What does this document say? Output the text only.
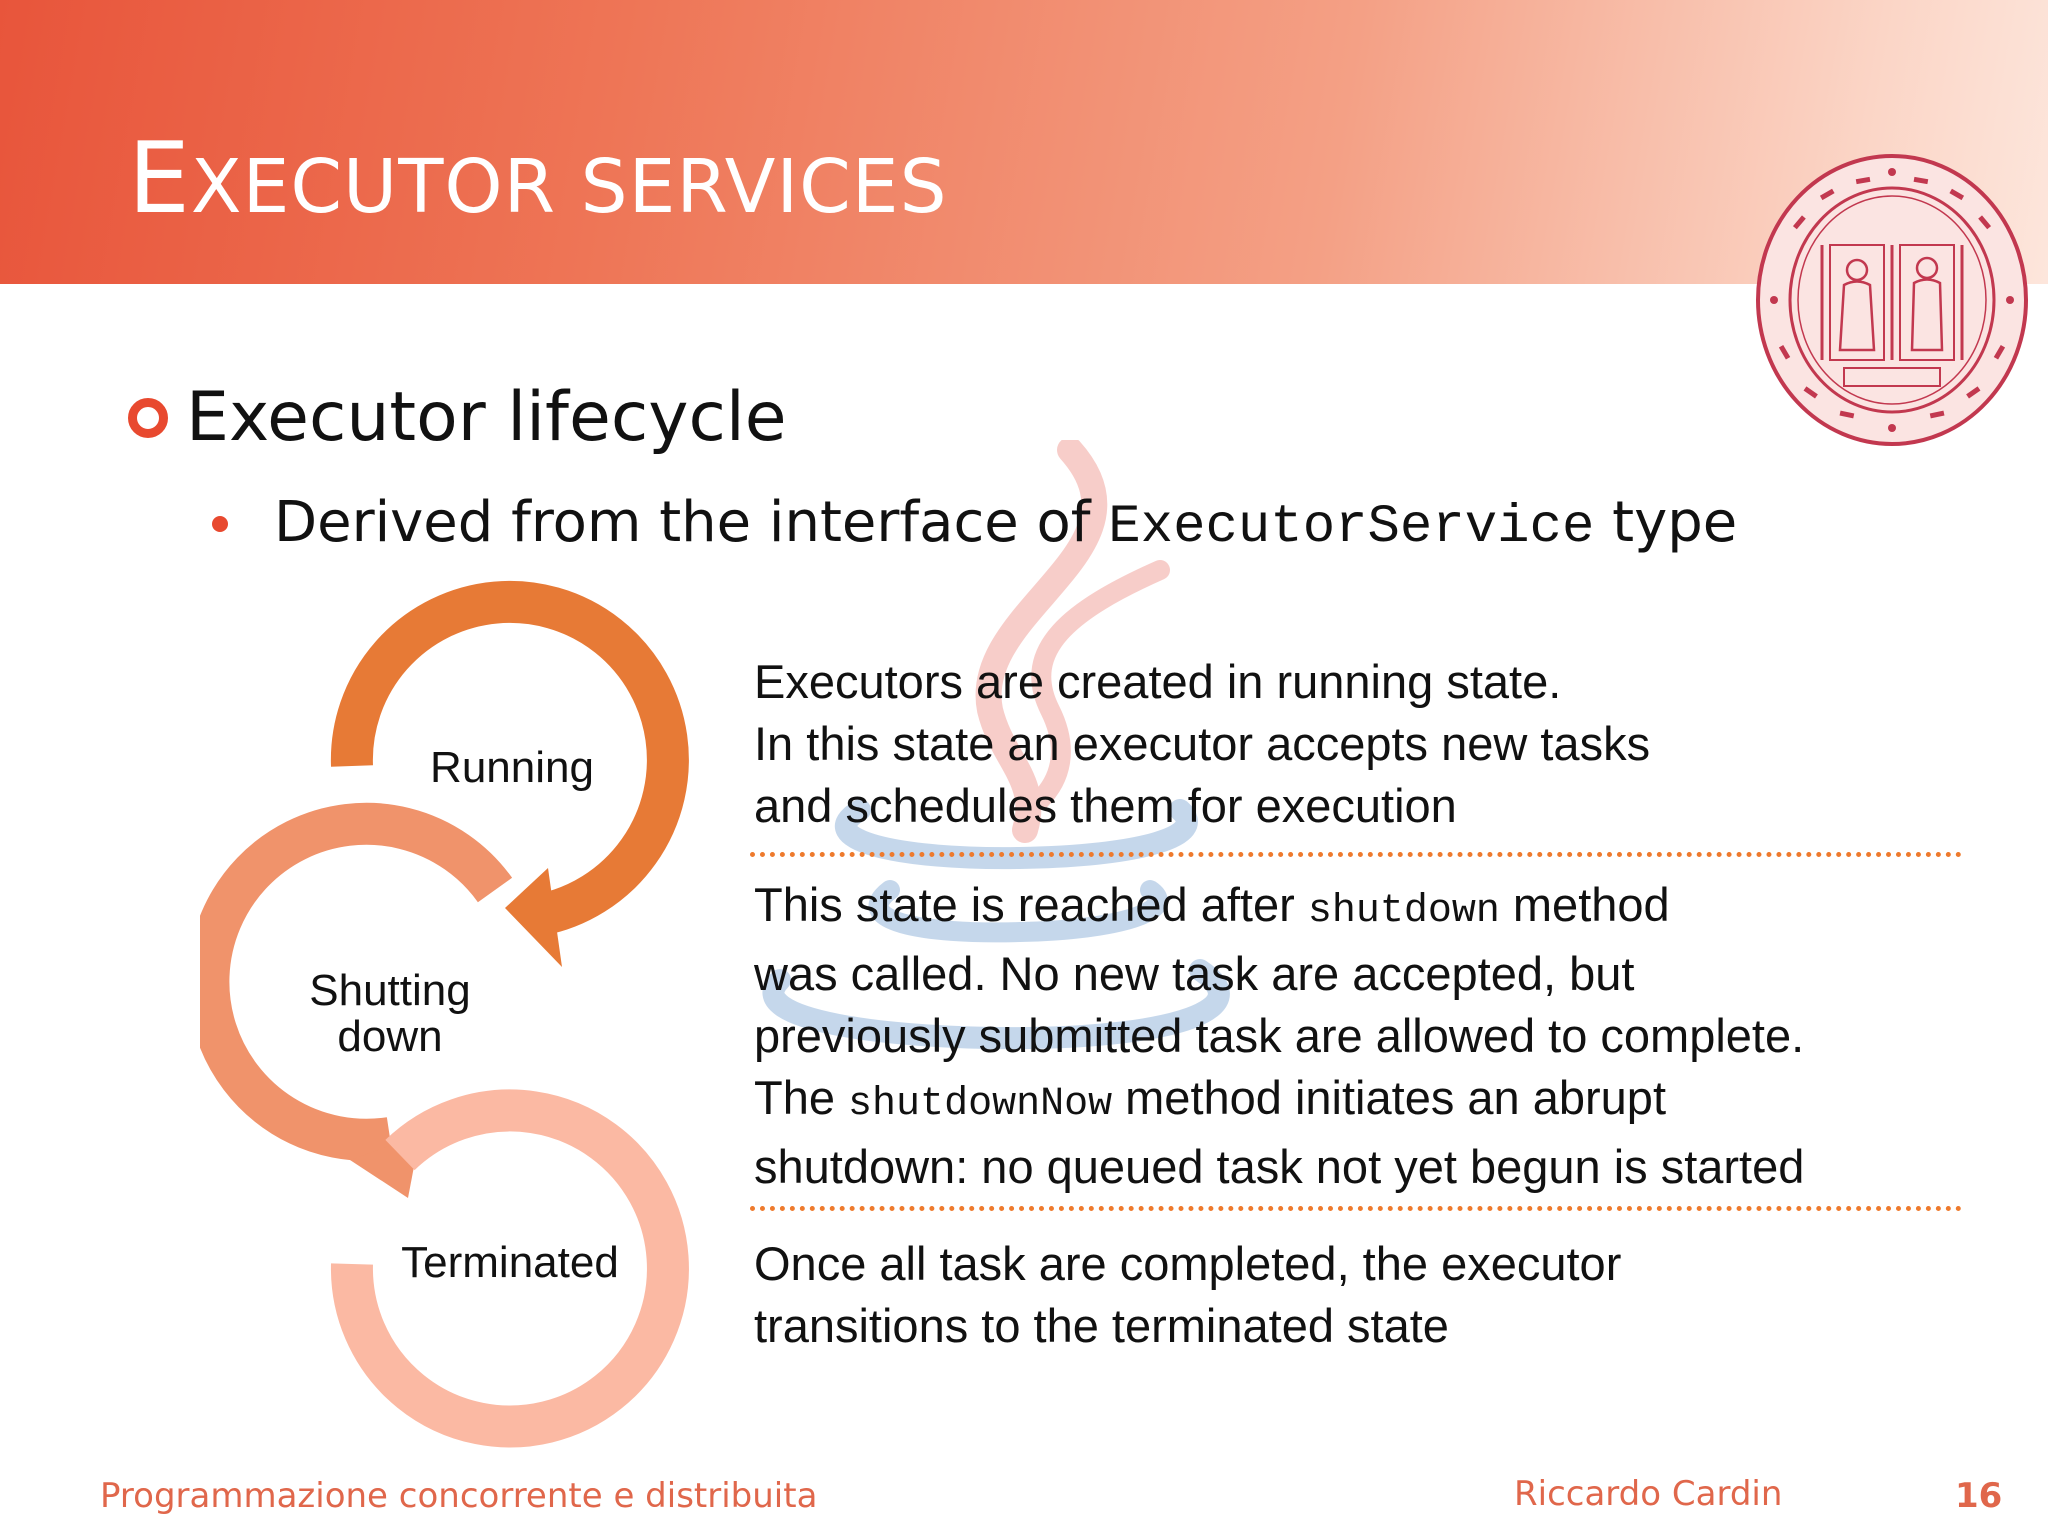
EXECUTOR SERVICES
Executor lifecycle
Derived from the interface of ExecutorService type
Running
Shutting
down
Terminated
Executors are created in running state.
In this state an executor accepts new tasks
and schedules them for execution
This state is reached after shutdown method
was called. No new task are accepted, but
previously submitted task are allowed to complete.
The shutdownNow method initiates an abrupt
shutdown: no queued task not yet begun is started
Once all task are completed, the executor
transitions to the terminated state
Programmazione concorrente e distribuita	Riccardo Cardin	16
